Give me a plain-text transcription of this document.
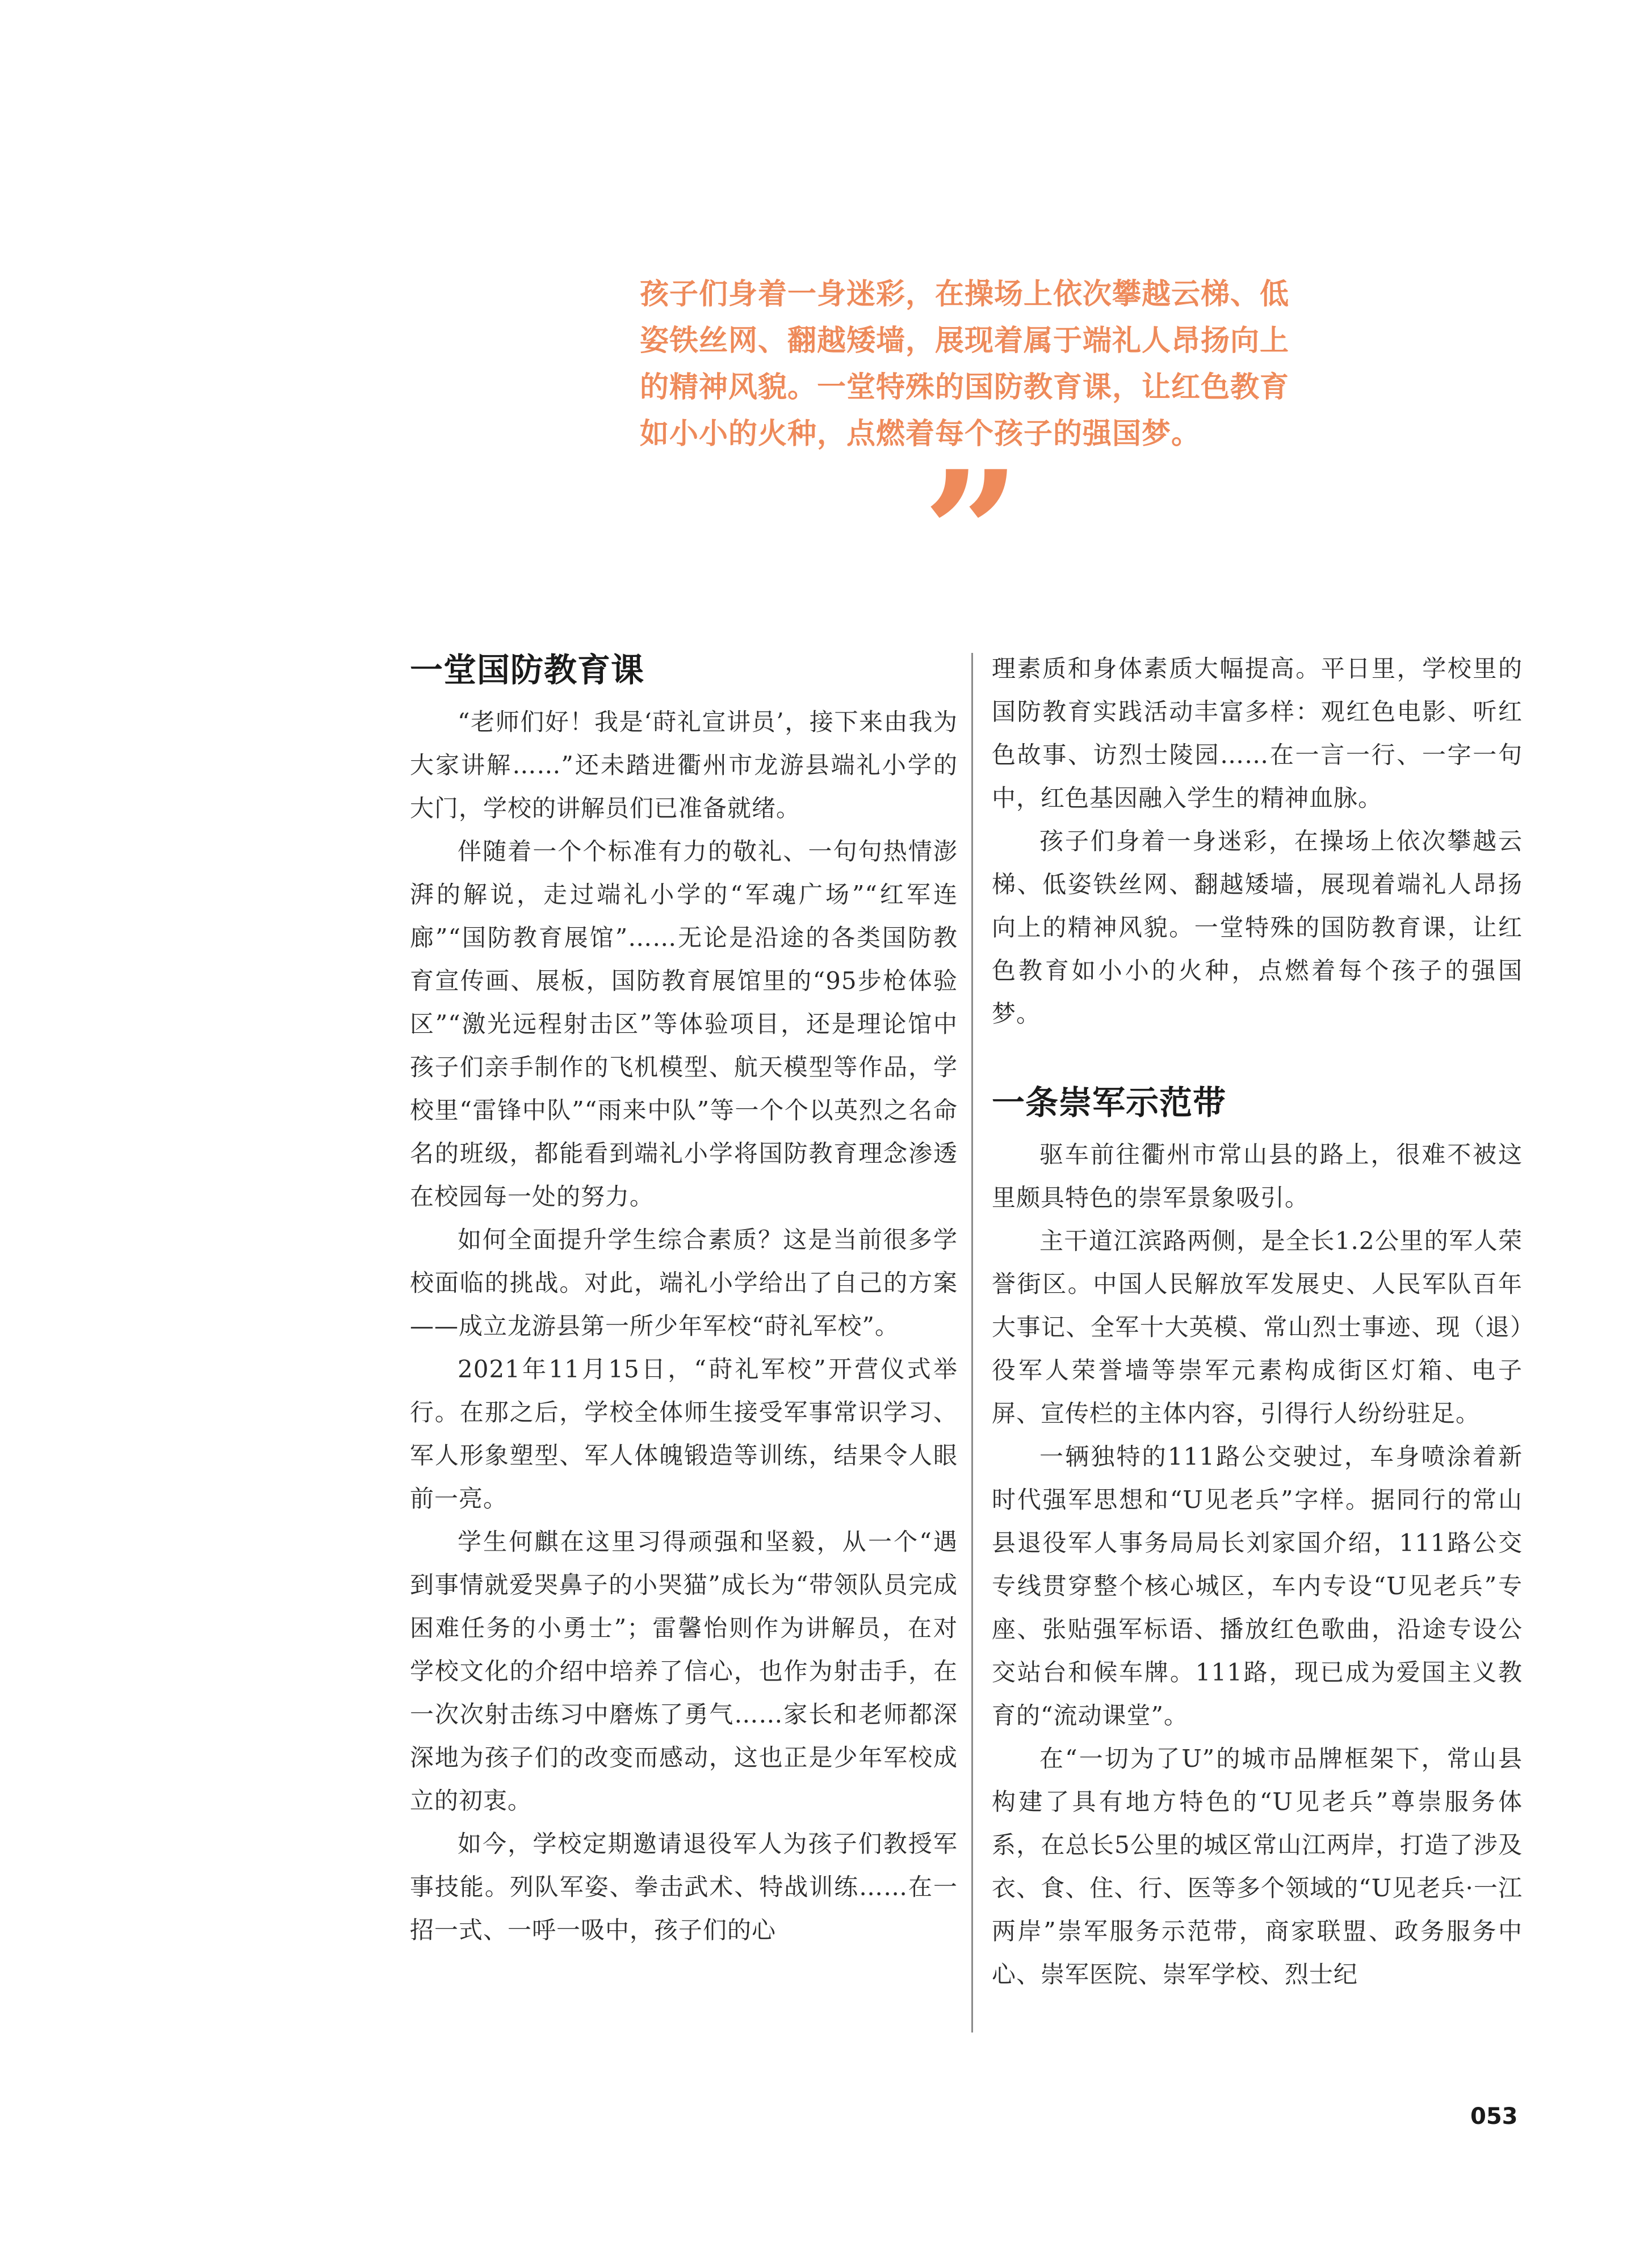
孩子们身着一身迷彩，在操场上依次攀越云梯、低姿铁丝网、翻越矮墙，展现着属于端礼人昂扬向上的精神风貌。一堂特殊的国防教育课，让红色教育如小小的火种，点燃着每个孩子的强国梦。
”
一堂国防教育课

“老师们好！我是‘莳礼宣讲员’，接下来由我为大家讲解……”还未踏进衢州市龙游县端礼小学的大门，学校的讲解员们已准备就绪。

伴随着一个个标准有力的敬礼、一句句热情澎湃的解说，走过端礼小学的“军魂广场”“红军连廊”“国防教育展馆”……无论是沿途的各类国防教育宣传画、展板，国防教育展馆里的“95步枪体验区”“激光远程射击区”等体验项目，还是理论馆中孩子们亲手制作的飞机模型、航天模型等作品，学校里“雷锋中队”“雨来中队”等一个个以英烈之名命名的班级，都能看到端礼小学将国防教育理念渗透在校园每一处的努力。

如何全面提升学生综合素质？这是当前很多学校面临的挑战。对此，端礼小学给出了自己的方案——成立龙游县第一所少年军校“莳礼军校”。

2021年11月15日，“莳礼军校”开营仪式举行。在那之后，学校全体师生接受军事常识学习、军人形象塑型、军人体魄锻造等训练，结果令人眼前一亮。

学生何麒在这里习得顽强和坚毅，从一个“遇到事情就爱哭鼻子的小哭猫”成长为“带领队员完成困难任务的小勇士”；雷馨怡则作为讲解员，在对学校文化的介绍中培养了信心，也作为射击手，在一次次射击练习中磨炼了勇气……家长和老师都深深地为孩子们的改变而感动，这也正是少年军校成立的初衷。

如今，学校定期邀请退役军人为孩子们教授军事技能。列队军姿、拳击武术、特战训练……在一招一式、一呼一吸中，孩子们的心

理素质和身体素质大幅提高。平日里，学校里的国防教育实践活动丰富多样：观红色电影、听红色故事、访烈士陵园……在一言一行、一字一句中，红色基因融入学生的精神血脉。

孩子们身着一身迷彩，在操场上依次攀越云梯、低姿铁丝网、翻越矮墙，展现着端礼人昂扬向上的精神风貌。一堂特殊的国防教育课，让红色教育如小小的火种，点燃着每个孩子的强国梦。

一条崇军示范带

驱车前往衢州市常山县的路上，很难不被这里颇具特色的崇军景象吸引。

主干道江滨路两侧，是全长1.2公里的军人荣誉街区。中国人民解放军发展史、人民军队百年大事记、全军十大英模、常山烈士事迹、现（退）役军人荣誉墙等崇军元素构成街区灯箱、电子屏、宣传栏的主体内容，引得行人纷纷驻足。

一辆独特的111路公交驶过，车身喷涂着新时代强军思想和“U见老兵”字样。据同行的常山县退役军人事务局局长刘家国介绍，111路公交专线贯穿整个核心城区，车内专设“U见老兵”专座、张贴强军标语、播放红色歌曲，沿途专设公交站台和候车牌。111路，现已成为爱国主义教育的“流动课堂”。

在“一切为了U”的城市品牌框架下，常山县构建了具有地方特色的“U见老兵”尊崇服务体系，在总长5公里的城区常山江两岸，打造了涉及衣、食、住、行、医等多个领域的“U见老兵·一江两岸”崇军服务示范带，商家联盟、政务服务中心、崇军医院、崇军学校、烈士纪

053
